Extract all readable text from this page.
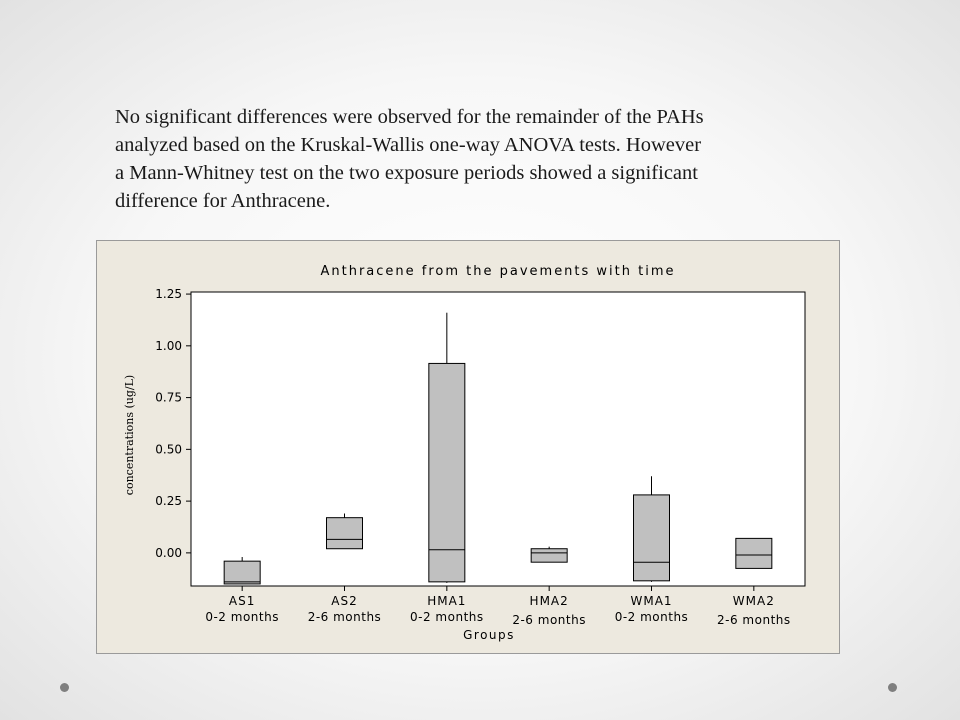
No significant differences were observed for the remainder of the PAHs
analyzed based on the Kruskal-Wallis one-way ANOVA tests. However
a Mann-Whitney test on the two exposure periods showed a significant
difference for Anthracene.
Anthracene from the pavements with time
0.00
0.25
0.50
0.75
1.00
1.25
concentrations (ug/L)
AS1
0-2 months
AS2
2-6 months
HMA1
0-2 months
HMA2
2-6 months
WMA1
0-2 months
WMA2
2-6 months
Groups
